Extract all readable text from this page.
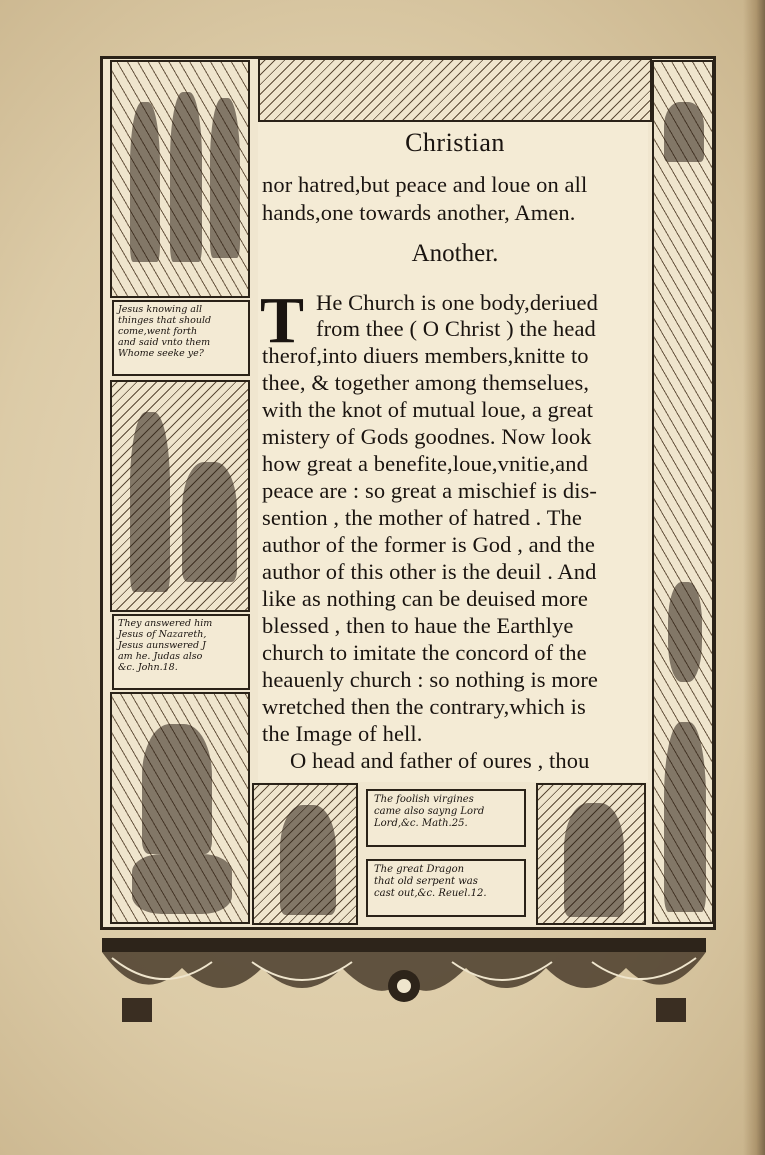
Jesus knowing all
thinges that should
come,went forth
and said vnto them
Whome seeke ye?
They answered him
Jesus of Nazareth,
Jesus aunswered J
am he. Judas also
&c. John.18.
Christian
nor hatred,but peace and loue on all
hands,one towards another, Amen.
Another.
T He Church is one body,deriued
from thee ( O Christ ) the head
therof,into diuers members,knitte to
thee, & together among themselues,
with the knot of mutual loue, a great
mistery of Gods goodnes. Now look
how great a benefite,loue,vnitie,and
peace are : so great a mischief is dis-
sention , the mother of hatred . The
author of the former is God , and the
author of this other is the deuil . And
like as nothing can be deuised more
blessed , then to haue the Earthlye
church to imitate the concord of the
heauenly church : so nothing is more
wretched then the contrary,which is
the Image of hell.
O head and father of oures , thou
The foolish virgines
came also sayng Lord
Lord,&c. Math.25.
The great Dragon
that old serpent was
cast out,&c. Reuel.12.
